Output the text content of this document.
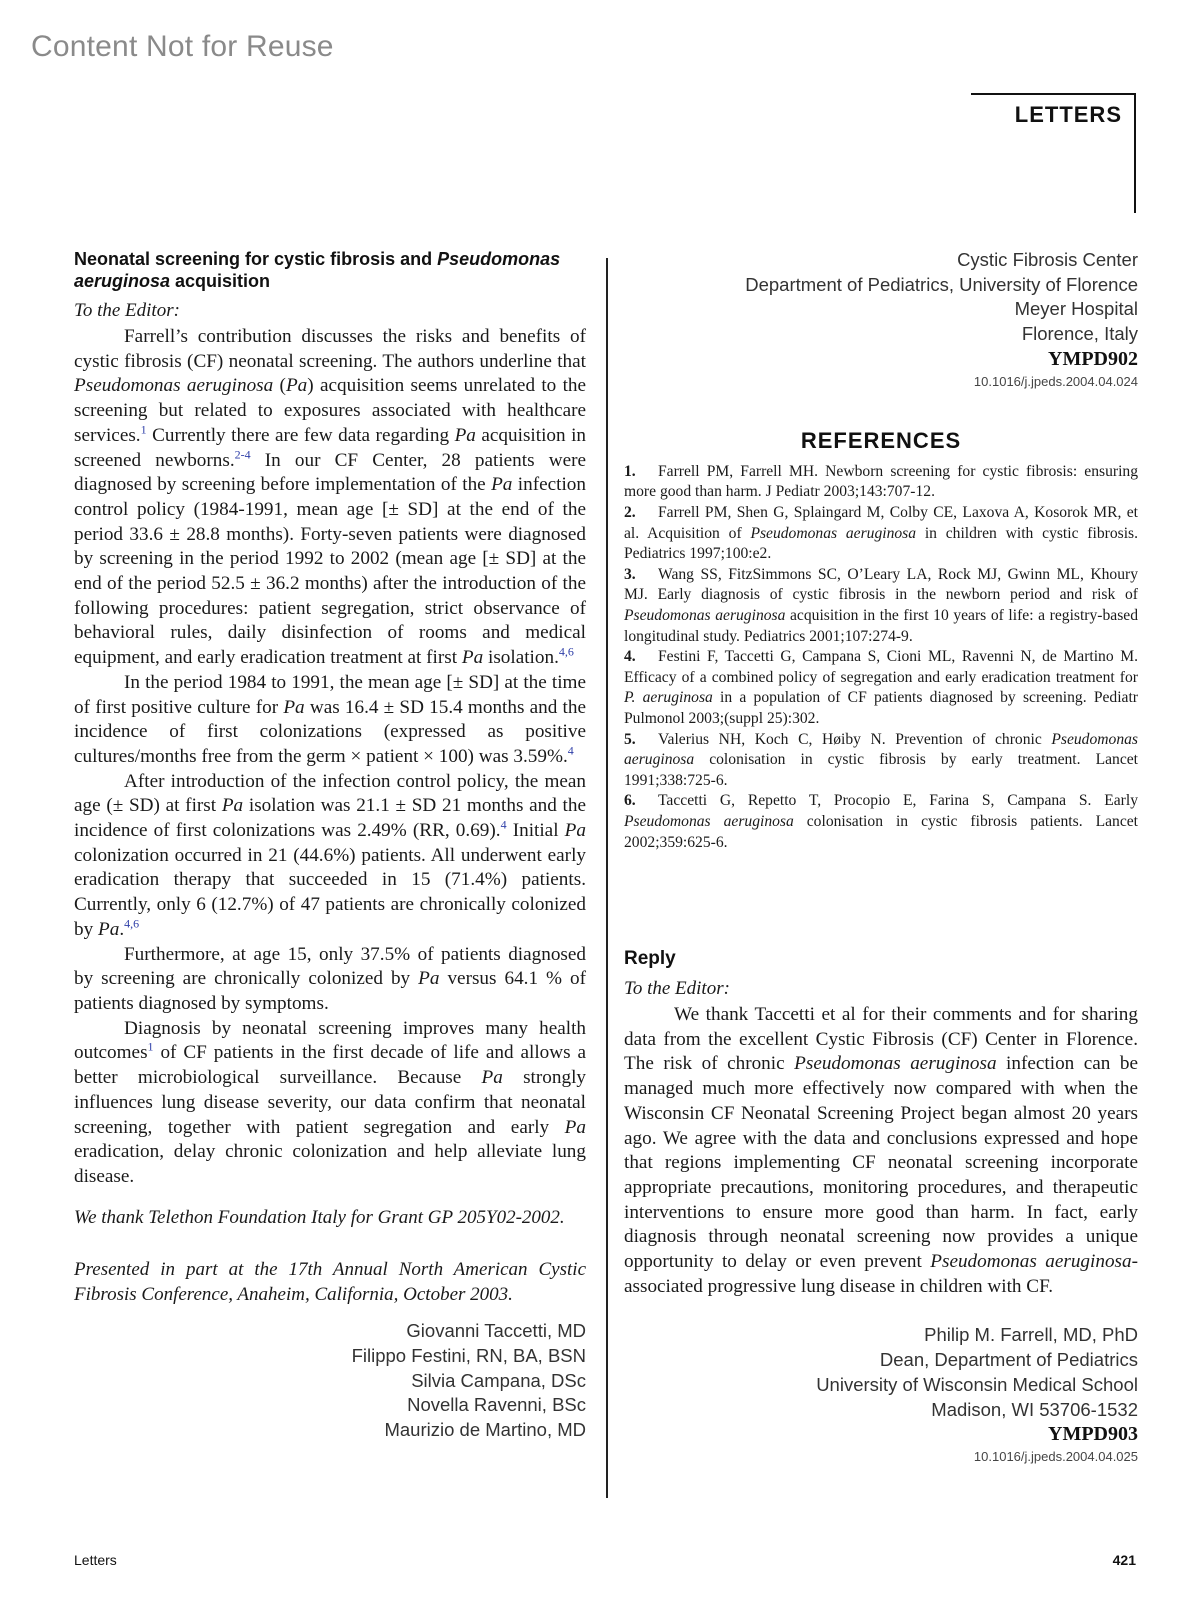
Content Not for Reuse
LETTERS
Neonatal screening for cystic fibrosis and Pseudomonas aeruginosa acquisition

To the Editor:

Farrell’s contribution discusses the risks and benefits of cystic fibrosis (CF) neonatal screening. The authors underline that Pseudomonas aeruginosa (Pa) acquisition seems unrelated to the screening but related to exposures associated with healthcare services.$^1$ Currently there are few data regarding Pa acquisition in screened newborns.$^{2-4}$ In our CF Center, 28 patients were diagnosed by screening before implementation of the Pa infection control policy (1984-1991, mean age [± SD] at the end of the period 33.6 ± 28.8 months). Forty-seven patients were diagnosed by screening in the period 1992 to 2002 (mean age [± SD] at the end of the period 52.5 ± 36.2 months) after the introduction of the following procedures: patient segregation, strict observance of behavioral rules, daily disinfection of rooms and medical equipment, and early eradication treatment at first Pa isolation.$^{4,6}$

In the period 1984 to 1991, the mean age [± SD] at the time of first positive culture for Pa was 16.4 ± SD 15.4 months and the incidence of first colonizations (expressed as positive cultures/months free from the germ × patient × 100) was 3.59%.$^4$

After introduction of the infection control policy, the mean age (± SD) at first Pa isolation was 21.1 ± SD 21 months and the incidence of first colonizations was 2.49% (RR, 0.69).$^4$ Initial Pa colonization occurred in 21 (44.6%) patients. All underwent early eradication therapy that succeeded in 15 (71.4%) patients. Currently, only 6 (12.7%) of 47 patients are chronically colonized by Pa.$^{4,6}$

Furthermore, at age 15, only 37.5% of patients diagnosed by screening are chronically colonized by Pa versus 64.1 % of patients diagnosed by symptoms.

Diagnosis by neonatal screening improves many health outcomes$^1$ of CF patients in the first decade of life and allows a better microbiological surveillance. Because Pa strongly influences lung disease severity, our data confirm that neonatal screening, together with patient segregation and early Pa eradication, delay chronic colonization and help alleviate lung disease.

We thank Telethon Foundation Italy for Grant GP 205Y02-2002.

Presented in part at the 17th Annual North American Cystic Fibrosis Conference, Anaheim, California, October 2003.

Giovanni Taccetti, MD

Filippo Festini, RN, BA, BSN

Silvia Campana, DSc

Novella Ravenni, BSc

Maurizio de Martino, MD

Cystic Fibrosis Center

Department of Pediatrics, University of Florence

Meyer Hospital

Florence, Italy

YMPD902

10.1016/j.jpeds.2004.04.024

REFERENCES

1. Farrell PM, Farrell MH. Newborn screening for cystic fibrosis: ensuring more good than harm. J Pediatr 2003;143:707-12.

2. Farrell PM, Shen G, Splaingard M, Colby CE, Laxova A, Kosorok MR, et al. Acquisition of Pseudomonas aeruginosa in children with cystic fibrosis. Pediatrics 1997;100:e2.

3. Wang SS, FitzSimmons SC, O’Leary LA, Rock MJ, Gwinn ML, Khoury MJ. Early diagnosis of cystic fibrosis in the newborn period and risk of Pseudomonas aeruginosa acquisition in the first 10 years of life: a registry-based longitudinal study. Pediatrics 2001;107:274-9.

4. Festini F, Taccetti G, Campana S, Cioni ML, Ravenni N, de Martino M. Efficacy of a combined policy of segregation and early eradication treatment for P. aeruginosa in a population of CF patients diagnosed by screening. Pediatr Pulmonol 2003;(suppl 25):302.

5. Valerius NH, Koch C, Høiby N. Prevention of chronic Pseudomonas aeruginosa colonisation in cystic fibrosis by early treatment. Lancet 1991;338:725-6.

6. Taccetti G, Repetto T, Procopio E, Farina S, Campana S. Early Pseudomonas aeruginosa colonisation in cystic fibrosis patients. Lancet 2002;359:625-6.

Reply

To the Editor:

We thank Taccetti et al for their comments and for sharing data from the excellent Cystic Fibrosis (CF) Center in Florence. The risk of chronic Pseudomonas aeruginosa infection can be managed much more effectively now compared with when the Wisconsin CF Neonatal Screening Project began almost 20 years ago. We agree with the data and conclusions expressed and hope that regions implementing CF neonatal screening incorporate appropriate precautions, monitoring procedures, and therapeutic interventions to ensure more good than harm. In fact, early diagnosis through neonatal screening now provides a unique opportunity to delay or even prevent Pseudomonas aeruginosa-associated progressive lung disease in children with CF.

Philip M. Farrell, MD, PhD

Dean, Department of Pediatrics

University of Wisconsin Medical School

Madison, WI 53706-1532

YMPD903

10.1016/j.jpeds.2004.04.025

Letters	421
